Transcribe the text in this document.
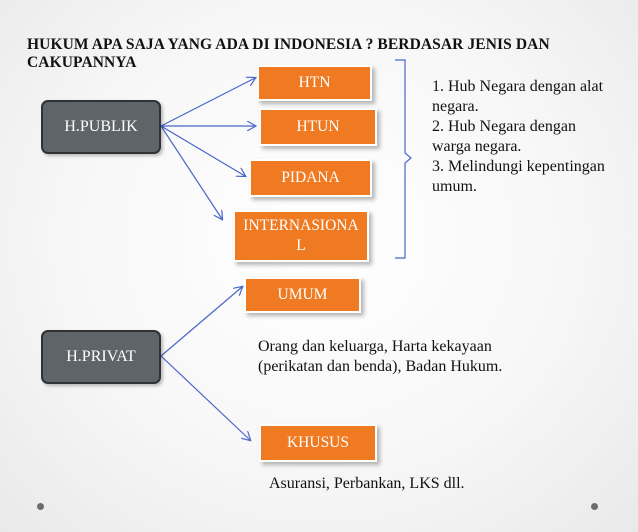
HUKUM APA SAJA YANG ADA DI INDONESIA ? BERDASAR JENIS DAN CAKUPANNYA
H.PUBLIK
H.PRIVAT
HTN
HTUN
PIDANA
INTERNASIONAL
UMUM
KHUSUS
1. Hub Negara dengan alat negara.
2. Hub Negara dengan warga negara.
3. Melindungi kepentingan umum.
Orang dan keluarga, Harta kekayaan (perikatan dan benda), Badan Hukum.
Asuransi, Perbankan, LKS dll.
